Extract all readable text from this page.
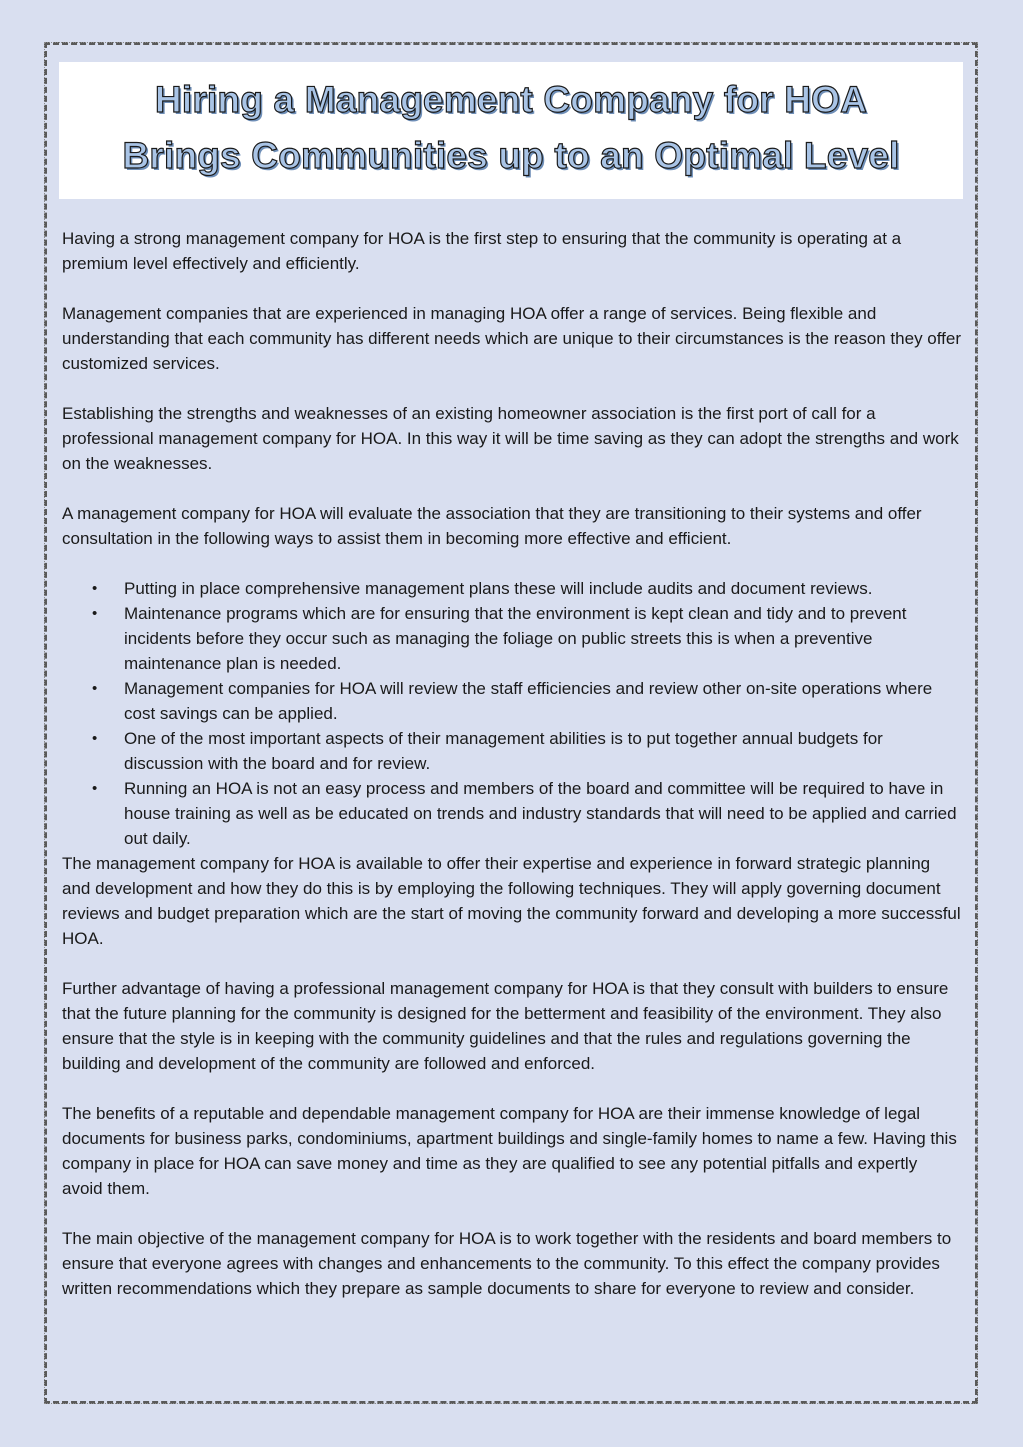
Hiring a Management Company for HOA
Brings Communities up to an Optimal Level

Having a strong management company for HOA is the first step to ensuring that the community is operating at a premium level effectively and efficiently.

Management companies that are experienced in managing HOA offer a range of services. Being flexible and understanding that each community has different needs which are unique to their circumstances is the reason they offer customized services.

Establishing the strengths and weaknesses of an existing homeowner association is the first port of call for a professional management company for HOA. In this way it will be time saving as they can adopt the strengths and work on the weaknesses.

A management company for HOA will evaluate the association that they are transitioning to their systems and offer consultation in the following ways to assist them in becoming more effective and efficient.

• Putting in place comprehensive management plans these will include audits and document reviews.
• Maintenance programs which are for ensuring that the environment is kept clean and tidy and to prevent incidents before they occur such as managing the foliage on public streets this is when a preventive maintenance plan is needed.
• Management companies for HOA will review the staff efficiencies and review other on-site operations where cost savings can be applied.
• One of the most important aspects of their management abilities is to put together annual budgets for discussion with the board and for review.
• Running an HOA is not an easy process and members of the board and committee will be required to have in house training as well as be educated on trends and industry standards that will need to be applied and carried out daily.

The management company for HOA is available to offer their expertise and experience in forward strategic planning and development and how they do this is by employing the following techniques. They will apply governing document reviews and budget preparation which are the start of moving the community forward and developing a more successful HOA.

Further advantage of having a professional management company for HOA is that they consult with builders to ensure that the future planning for the community is designed for the betterment and feasibility of the environment. They also ensure that the style is in keeping with the community guidelines and that the rules and regulations governing the building and development of the community are followed and enforced.

The benefits of a reputable and dependable management company for HOA are their immense knowledge of legal documents for business parks, condominiums, apartment buildings and single-family homes to name a few. Having this company in place for HOA can save money and time as they are qualified to see any potential pitfalls and expertly avoid them.

The main objective of the management company for HOA is to work together with the residents and board members to ensure that everyone agrees with changes and enhancements to the community. To this effect the company provides written recommendations which they prepare as sample documents to share for everyone to review and consider.
